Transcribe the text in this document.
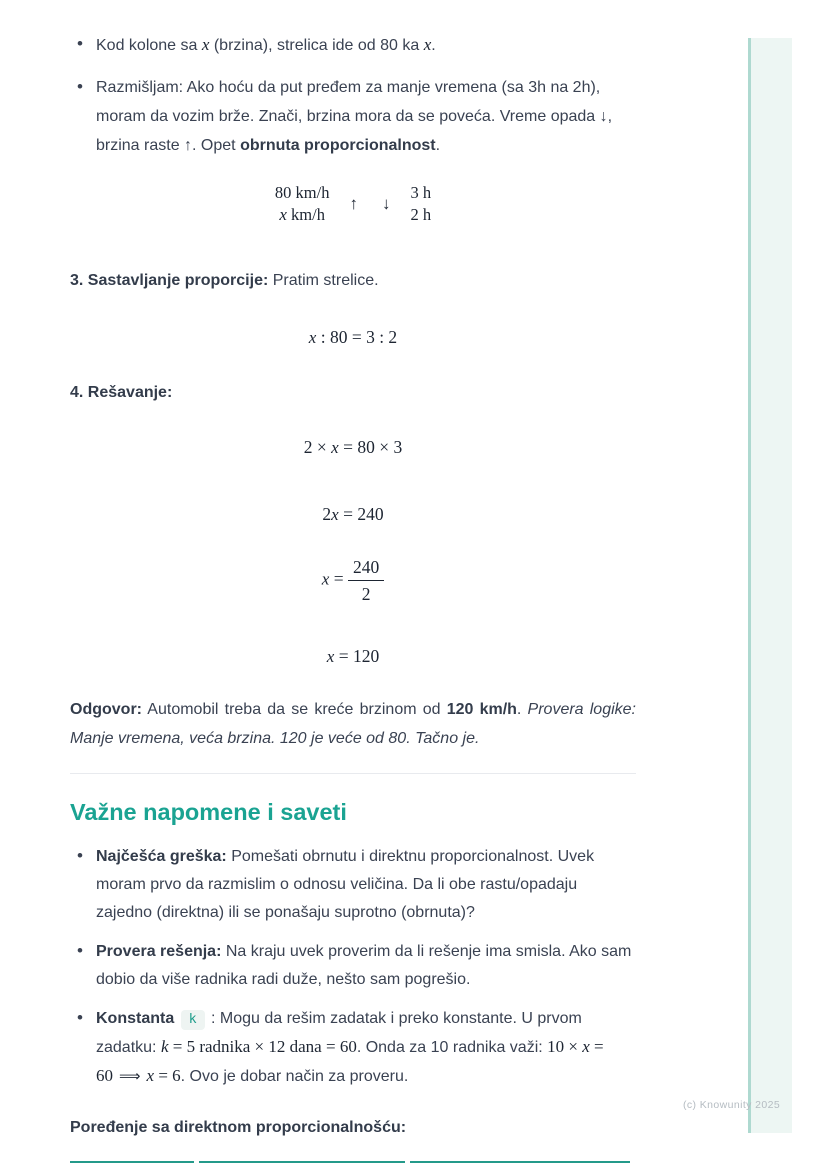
(c) Knowunity 2025
• Kod kolone sa x (brzina), strelica ide od 80 ka x.
• Razmišljam: Ako hoću da put pređem za manje vremena (sa 3h na 2h), moram da vozim brže. Znači, brzina mora da se poveća. Vreme opada ↓, brzina raste ↑. Opet obrnuta proporcionalnost.
80 km/h
x km/h
↑ ↓
3 h
2 h

3. Sastavljanje proporcije: Pratim strelice.

x : 80 = 3 : 2

4. Rešavanje:

2 × x = 80 × 3
2x = 240
$x = \frac{240}{2}$
x = 120

Odgovor: Automobil treba da se kreće brzinom od 120 km/h. Provera logike: Manje vremena, veća brzina. 120 je veće od 80. Tačno je.

Važne napomene i saveti
• Najčešća greška: Pomešati obrnutu i direktnu proporcionalnost. Uvek moram prvo da razmislim o odnosu veličina. Da li obe rastu/opadaju zajedno (direktna) ili se ponašaju suprotno (obrnuta)?
• Provera rešenja: Na kraju uvek proverim da li rešenje ima smisla. Ako sam dobio da više radnika radi duže, nešto sam pogrešio.
• Konstanta k : Mogu da rešim zadatak i preko konstante. U prvom zadatku: k = 5 radnika × 12 dana = 60. Onda za 10 radnika važi: 10 × x = 60 ⟹ x = 6. Ovo je dobar način za proveru.

Poređenje sa direktnom proporcionalnošću:
